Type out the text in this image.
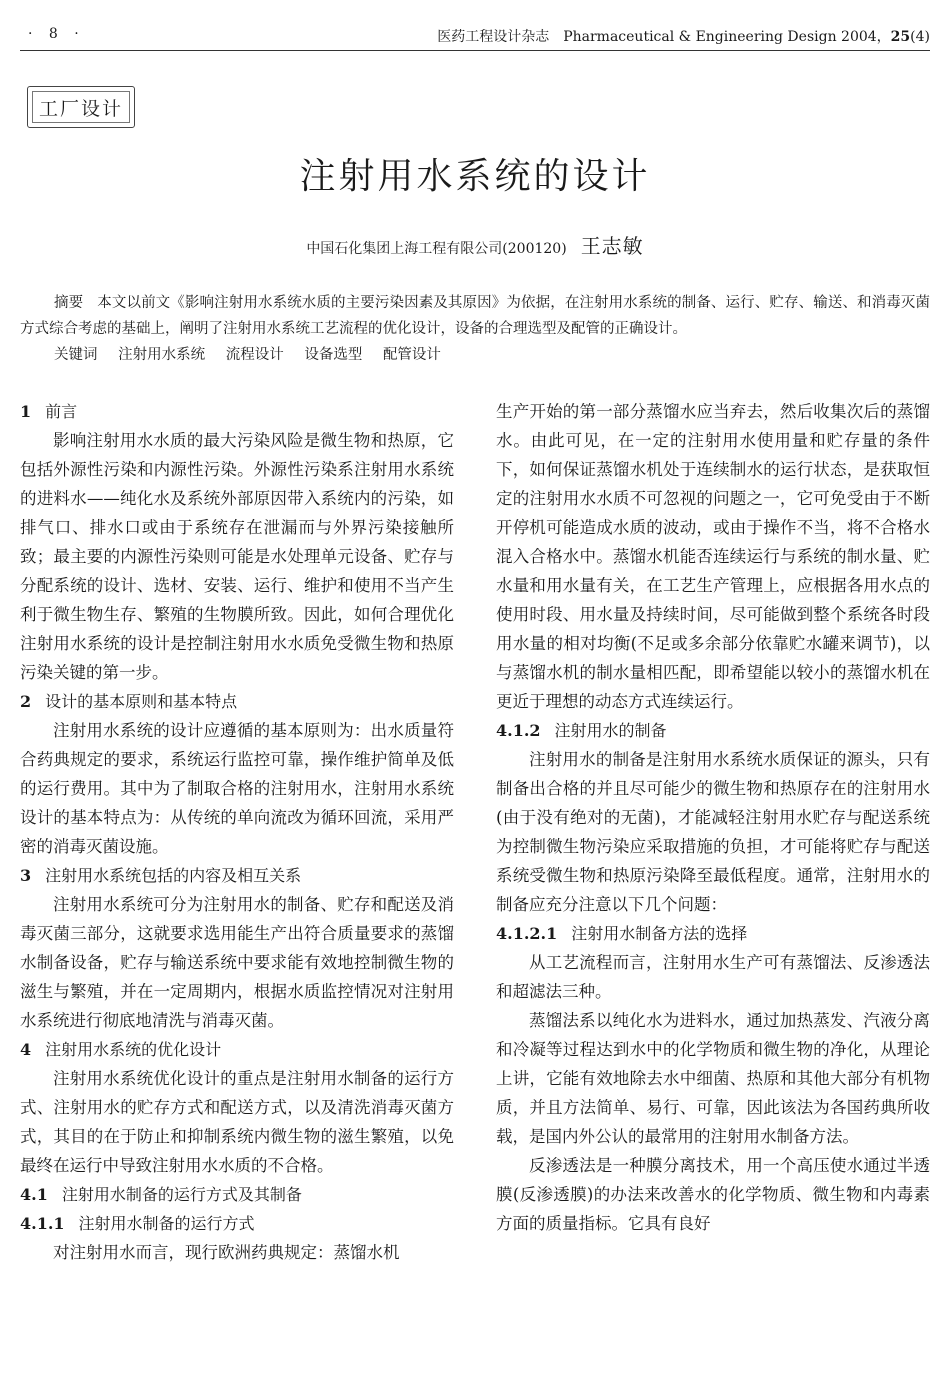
· 8 ·	医药工程设计杂志　Pharmaceutical & Engineering Design 2004，25(4)
工厂设计
注射用水系统的设计
中国石化集团上海工程有限公司(200120) 王志敏
摘要 本文以前文《影响注射用水系统水质的主要污染因素及其原因》为依据，在注射用水系统的制备、运行、贮存、输送、和消毒灭菌方式综合考虑的基础上，阐明了注射用水系统工艺流程的优化设计，设备的合理选型及配管的正确设计。
关键词 注射用水系统 流程设计 设备选型 配管设计
1 前言

影响注射用水水质的最大污染风险是微生物和热原，它包括外源性污染和内源性污染。外源性污染系注射用水系统的进料水——纯化水及系统外部原因带入系统内的污染，如排气口、排水口或由于系统存在泄漏而与外界污染接触所致；最主要的内源性污染则可能是水处理单元设备、贮存与分配系统的设计、选材、安装、运行、维护和使用不当产生利于微生物生存、繁殖的生物膜所致。因此，如何合理优化注射用水系统的设计是控制注射用水水质免受微生物和热原污染关键的第一步。

2 设计的基本原则和基本特点

注射用水系统的设计应遵循的基本原则为：出水质量符合药典规定的要求，系统运行监控可靠，操作维护简单及低的运行费用。其中为了制取合格的注射用水，注射用水系统设计的基本特点为：从传统的单向流改为循环回流，采用严密的消毒灭菌设施。

3 注射用水系统包括的内容及相互关系

注射用水系统可分为注射用水的制备、贮存和配送及消毒灭菌三部分，这就要求选用能生产出符合质量要求的蒸馏水制备设备，贮存与输送系统中要求能有效地控制微生物的滋生与繁殖，并在一定周期内，根据水质监控情况对注射用水系统进行彻底地清洗与消毒灭菌。

4 注射用水系统的优化设计

注射用水系统优化设计的重点是注射用水制备的运行方式、注射用水的贮存方式和配送方式，以及清洗消毒灭菌方式，其目的在于防止和抑制系统内微生物的滋生繁殖，以免最终在运行中导致注射用水水质的不合格。

4.1 注射用水制备的运行方式及其制备
4.1.1 注射用水制备的运行方式

对注射用水而言，现行欧洲药典规定：蒸馏水机

生产开始的第一部分蒸馏水应当弃去，然后收集次后的蒸馏水。由此可见，在一定的注射用水使用量和贮存量的条件下，如何保证蒸馏水机处于连续制水的运行状态，是获取恒定的注射用水水质不可忽视的问题之一，它可免受由于不断开停机可能造成水质的波动，或由于操作不当，将不合格水混入合格水中。蒸馏水机能否连续运行与系统的制水量、贮水量和用水量有关，在工艺生产管理上，应根据各用水点的使用时段、用水量及持续时间，尽可能做到整个系统各时段用水量的相对均衡(不足或多余部分依靠贮水罐来调节)，以与蒸馏水机的制水量相匹配，即希望能以较小的蒸馏水机在更近于理想的动态方式连续运行。

4.1.2 注射用水的制备

注射用水的制备是注射用水系统水质保证的源头，只有制备出合格的并且尽可能少的微生物和热原存在的注射用水(由于没有绝对的无菌)，才能减轻注射用水贮存与配送系统为控制微生物污染应采取措施的负担，才可能将贮存与配送系统受微生物和热原污染降至最低程度。通常，注射用水的制备应充分注意以下几个问题：

4.1.2.1 注射用水制备方法的选择

从工艺流程而言，注射用水生产可有蒸馏法、反渗透法和超滤法三种。

蒸馏法系以纯化水为进料水，通过加热蒸发、汽液分离和冷凝等过程达到水中的化学物质和微生物的净化，从理论上讲，它能有效地除去水中细菌、热原和其他大部分有机物质，并且方法简单、易行、可靠，因此该法为各国药典所收载，是国内外公认的最常用的注射用水制备方法。

反渗透法是一种膜分离技术，用一个高压使水通过半透膜(反渗透膜)的办法来改善水的化学物质、微生物和内毒素方面的质量指标。它具有良好
